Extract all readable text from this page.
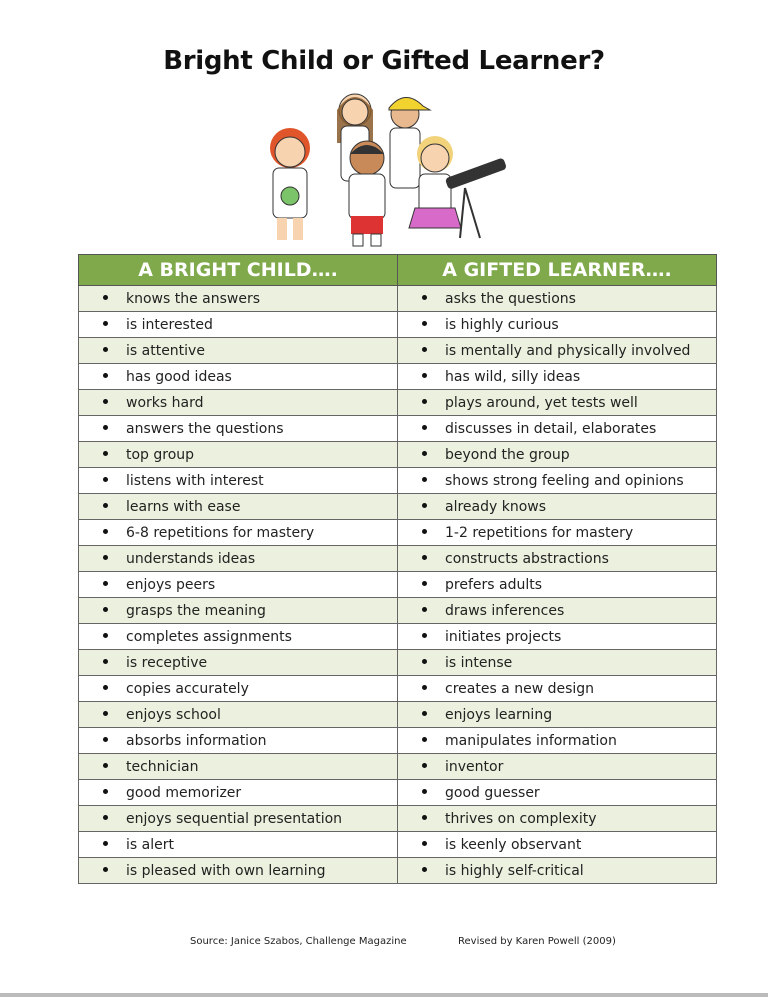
Bright Child or Gifted Learner?
A BRIGHT CHILD….	A GIFTED LEARNER….
knows the answers	asks the questions
is interested	is highly curious
is attentive	is mentally and physically involved
has good ideas	has wild, silly ideas
works hard	plays around, yet tests well
answers the questions	discusses in detail, elaborates
top group	beyond the group
listens with interest	shows strong feeling and opinions
learns with ease	already knows
6-8 repetitions for mastery	1-2 repetitions for mastery
understands ideas	constructs abstractions
enjoys peers	prefers adults
grasps the meaning	draws inferences
completes assignments	initiates projects
is receptive	is intense
copies accurately	creates a new design
enjoys school	enjoys learning
absorbs information	manipulates information
technician	inventor
good memorizer	good guesser
enjoys sequential presentation	thrives on complexity
is alert	is keenly observant
is pleased with own learning	is highly self-critical
Source: Janice Szabos, Challenge Magazine	Revised by Karen Powell (2009)
